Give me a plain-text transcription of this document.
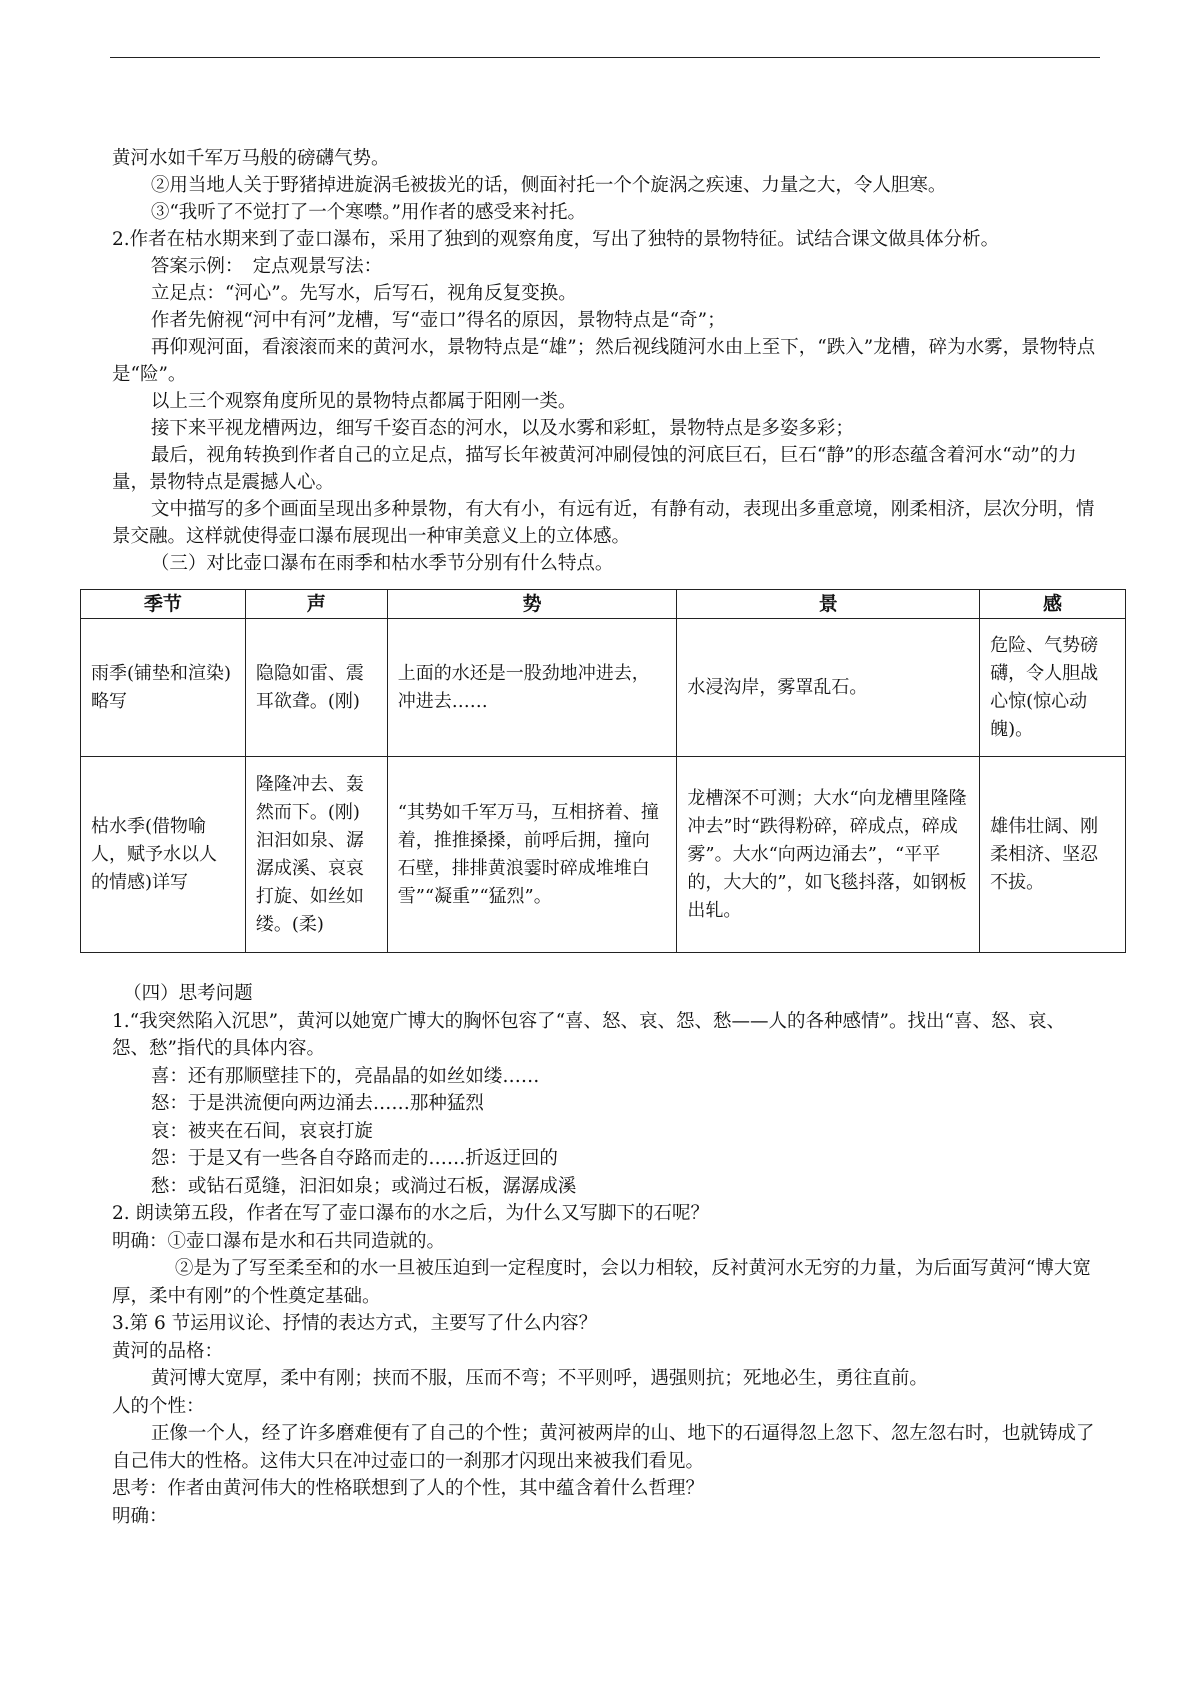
黄河水如千军万马般的磅礴气势。

②用当地人关于野猪掉进旋涡毛被拔光的话，侧面衬托一个个旋涡之疾速、力量之大，令人胆寒。

③“我听了不觉打了一个寒噤。”用作者的感受来衬托。

2.作者在枯水期来到了壶口瀑布，采用了独到的观察角度，写出了独特的景物特征。试结合课文做具体分析。

答案示例：　定点观景写法：

立足点：“河心”。先写水，后写石，视角反复变换。

作者先俯视“河中有河”龙槽，写“壶口”得名的原因，景物特点是“奇”；

再仰观河面，看滚滚而来的黄河水，景物特点是“雄”；然后视线随河水由上至下，“跌入”龙槽，碎为水雾，景物特点是“险”。

以上三个观察角度所见的景物特点都属于阳刚一类。

接下来平视龙槽两边，细写千姿百态的河水，以及水雾和彩虹，景物特点是多姿多彩；

最后，视角转换到作者自己的立足点，描写长年被黄河冲刷侵蚀的河底巨石，巨石“静”的形态蕴含着河水“动”的力量，景物特点是震撼人心。

文中描写的多个画面呈现出多种景物，有大有小，有远有近，有静有动，表现出多重意境，刚柔相济，层次分明，情景交融。这样就使得壶口瀑布展现出一种审美意义上的立体感。

（三）对比壶口瀑布在雨季和枯水季节分别有什么特点。

季节	声	势	景	感
雨季(铺垫和渲染)略写	隐隐如雷、震耳欲聋。(刚)	上面的水还是一股劲地冲进去，冲进去……	水浸沟岸，雾罩乱石。	危险、气势磅礴，令人胆战心惊(惊心动魄)。
枯水季(借物喻人，赋予水以人的情感)详写	隆隆冲去、轰然而下。(刚)汩汩如泉、潺潺成溪、哀哀打旋、如丝如缕。(柔)	“其势如千军万马，互相挤着、撞着，推推搡搡，前呼后拥，撞向石壁，排排黄浪霎时碎成堆堆白雪”“凝重”“猛烈”。	龙槽深不可测；大水“向龙槽里隆隆冲去”时“跌得粉碎，碎成点，碎成雾”。大水“向两边涌去”，“平平的，大大的”，如飞毯抖落，如钢板出轧。	雄伟壮阔、刚柔相济、坚忍不拔。

（四）思考问题

1.“我突然陷入沉思”，黄河以她宽广博大的胸怀包容了“喜、怒、哀、怨、愁——人的各种感情”。找出“喜、怒、哀、怨、愁”指代的具体内容。

喜：还有那顺壁挂下的，亮晶晶的如丝如缕……

怒：于是洪流便向两边涌去……那种猛烈

哀：被夹在石间，哀哀打旋

怨：于是又有一些各自夺路而走的……折返迂回的

愁：或钻石觅缝，汩汩如泉；或淌过石板，潺潺成溪

2. 朗读第五段，作者在写了壶口瀑布的水之后，为什么又写脚下的石呢？

明确：①壶口瀑布是水和石共同造就的。

②是为了写至柔至和的水一旦被压迫到一定程度时，会以力相较，反衬黄河水无穷的力量，为后面写黄河“博大宽厚，柔中有刚”的个性奠定基础。

3.第 6 节运用议论、抒情的表达方式，主要写了什么内容？

黄河的品格：

黄河博大宽厚，柔中有刚；挟而不服，压而不弯；不平则呼，遇强则抗；死地必生，勇往直前。

人的个性：

正像一个人，经了许多磨难便有了自己的个性；黄河被两岸的山、地下的石逼得忽上忽下、忽左忽右时，也就铸成了自己伟大的性格。这伟大只在冲过壶口的一刹那才闪现出来被我们看见。

思考：作者由黄河伟大的性格联想到了人的个性，其中蕴含着什么哲理？

明确：
